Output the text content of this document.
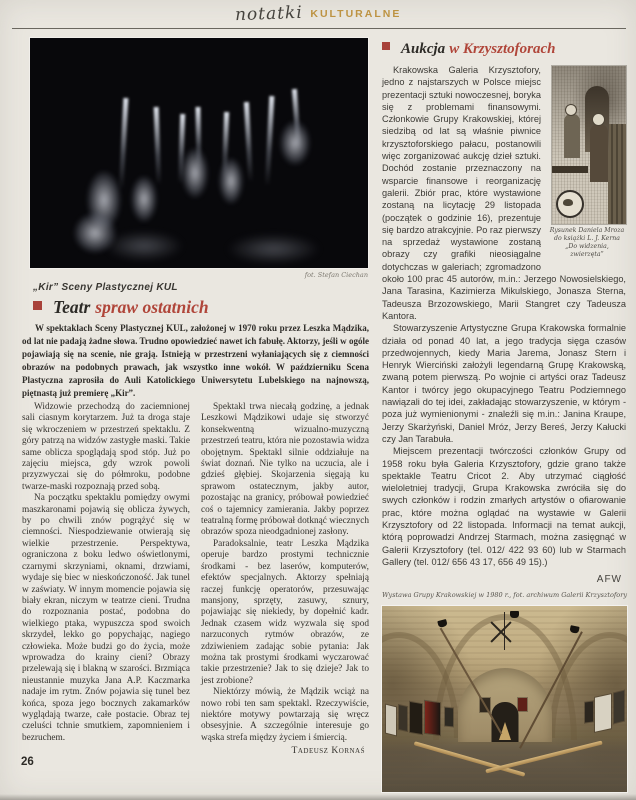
notatki KULTURALNE
fot. Stefan Ciechan
„Kir” Sceny Plastycznej KUL
Teatr spraw ostatnich
W spektaklach Sceny Plastycznej KUL, założonej w 1970 roku przez Leszka Mądzika, od lat nie padają żadne słowa. Trudno opowiedzieć nawet ich fabułę. Aktorzy, jeśli w ogóle pojawiają się na scenie, nie grają. Istnieją w przestrzeni wyłaniających się z ciemności obrazów na podobnych prawach, jak wszystko inne wokół. W październiku Scena Plastyczna zaprosiła do Auli Katolickiego Uniwersytetu Lubelskiego na najnowszą, piętnastą już premierę „Kir”.

Widzowie przechodzą do zaciemnionej sali ciasnym korytarzem. Już ta droga staje się wkroczeniem w przestrzeń spektaklu. Z góry patrzą na widzów zastygłe maski. Takie same oblicza spoglądają spod stóp. Już po zajęciu miejsca, gdy wzrok powoli przyzwyczai się do półmroku, podobne twarze-maski rozpoznają przed sobą.

Na początku spektaklu pomiędzy owymi maszkaronami pojawią się oblicza żywych, by po chwili znów pogrążyć się w ciemności. Niespodziewanie otwierają się wielkie przestrzenie. Perspektywa, ograniczona z boku ledwo oświetlonymi, czarnymi skrzyniami, oknami, drzwiami, wydaje się biec w nieskończoność. Jak tunel w zaświaty. W innym momencie pojawia się biały ekran, niczym w teatrze cieni. Trudna do rozpoznania postać, podobna do wielkiego ptaka, wypuszcza spod swoich skrzydeł, lekko go popychając, nagiego człowieka. Może budzi go do życia, może wprowadza do krainy cieni? Obrazy przelewają się i blakną w szarości. Brzmiąca nieustannie muzyka Jana A.P. Kaczmarka nadaje im rytm. Znów pojawia się tunel bez końca, spoza jego bocznych zakamarków wyglądają twarze, całe postacie. Obraz tej czeluści tchnie smutkiem, zapomnieniem i bezruchem.

Spektakl trwa niecałą godzinę, a jednak Leszkowi Mądzikowi udaje się stworzyć konsekwentną wizualno-muzyczną przestrzeń teatru, która nie pozostawia widza obojętnym. Spektakl silnie oddziałuje na świat doznań. Nie tylko na uczucia, ale i gdzieś głębiej. Skojarzenia sięgają ku sprawom ostatecznym, jakby autor, pozostając na granicy, próbował powiedzieć coś o tajemnicy zamierania. Jakby poprzez teatralną formę próbował dotknąć wiecznych obrazów spoza nieodgadnionej zasłony.

Paradoksalnie, teatr Leszka Mądzika operuje bardzo prostymi technicznie środkami - bez laserów, komputerów, efektów specjalnych. Aktorzy spełniają raczej funkcję operatorów, przesuwając mansjony, sprzęty, zasuwy, sznury, pojawiając się niekiedy, by dopełnić kadr. Jednak czasem widz wyzwala się spod narzuconych rytmów obrazów, ze zdziwieniem zadając sobie pytania: Jak można tak prostymi środkami wyczarować takie przestrzenie? Jak to się dzieje? Jak to jest zrobione?

Niektórzy mówią, że Mądzik wciąż na nowo robi ten sam spektakl. Rzeczywiście, niektóre motywy powtarzają się wręcz obsesyjnie. A szczególnie interesuje go wąska strefa między życiem i śmiercią.

Tadeusz Kornaś
26
Aukcja w Krzysztoforach
Rysunek Daniela Mroza do książki L. J. Kerna „Do widzenia, zwierzęta”

Krakowska Galeria Krzysztofory, jedno z najstarszych w Polsce miejsc prezentacji sztuki nowoczesnej, boryka się z problemami finansowymi. Członkowie Grupy Krakowskiej, której siedzibą od lat są właśnie piwnice krzysztoforskiego pałacu, postanowili więc zorganizować aukcję dzieł sztuki. Dochód zostanie przeznaczony na wsparcie finansowe i reorganizację galerii. Zbiór prac, które wystawione zostaną na licytację 29 listopada (początek o godzinie 16), prezentuje się bardzo atrakcyjnie. Po raz pierwszy na sprzedaż wystawione zostaną obrazy czy grafiki nieosiągalne dotychczas w galeriach; zgromadzono około 100 prac 45 autorów, m.in.: Jerzego Nowosielskiego, Jana Tarasina, Kazimierza Mikulskiego, Jonasza Sterna, Tadeusza Brzozowskiego, Marii Stangret czy Tadeusza Kantora.

Stowarzyszenie Artystyczne Grupa Krakowska formalnie działa od ponad 40 lat, a jego tradycja sięga czasów przedwojennych, kiedy Maria Jarema, Jonasz Stern i Henryk Wierciński założyli legendarną Grupę Krakowską, zwaną potem pierwszą. Po wojnie ci artyści oraz Tadeusz Kantor i twórcy jego okupacyjnego Teatru Podziemnego nawiązali do tej idei, zakładając stowarzyszenie, w którym - poza już wymienionymi - znaleźli się m.in.: Janina Kraupe, Jerzy Skarżyński, Daniel Mróz, Jerzy Bereś, Jerzy Kałucki czy Jan Tarabuła.

Miejscem prezentacji twórczości członków Grupy od 1958 roku była Galeria Krzysztofory, gdzie grano także spektakle Teatru Cricot 2. Aby utrzymać ciągłość wieloletniej tradycji, Grupa Krakowska zwróciła się do swych członków i rodzin zmarłych artystów o ofiarowanie prac, które można oglądać na wystawie w Galerii Krzysztofory od 22 listopada. Informacji na temat aukcji, którą poprowadzi Andrzej Starmach, można zasięgnąć w Galerii Krzysztofory (tel. 012/ 422 93 60) lub w Starmach Gallery (tel. 012/ 656 43 17, 656 49 15).)

AFW
Wystawa Grupy Krakowskiej w 1980 r., fot. archiwum Galerii Krzysztofory
